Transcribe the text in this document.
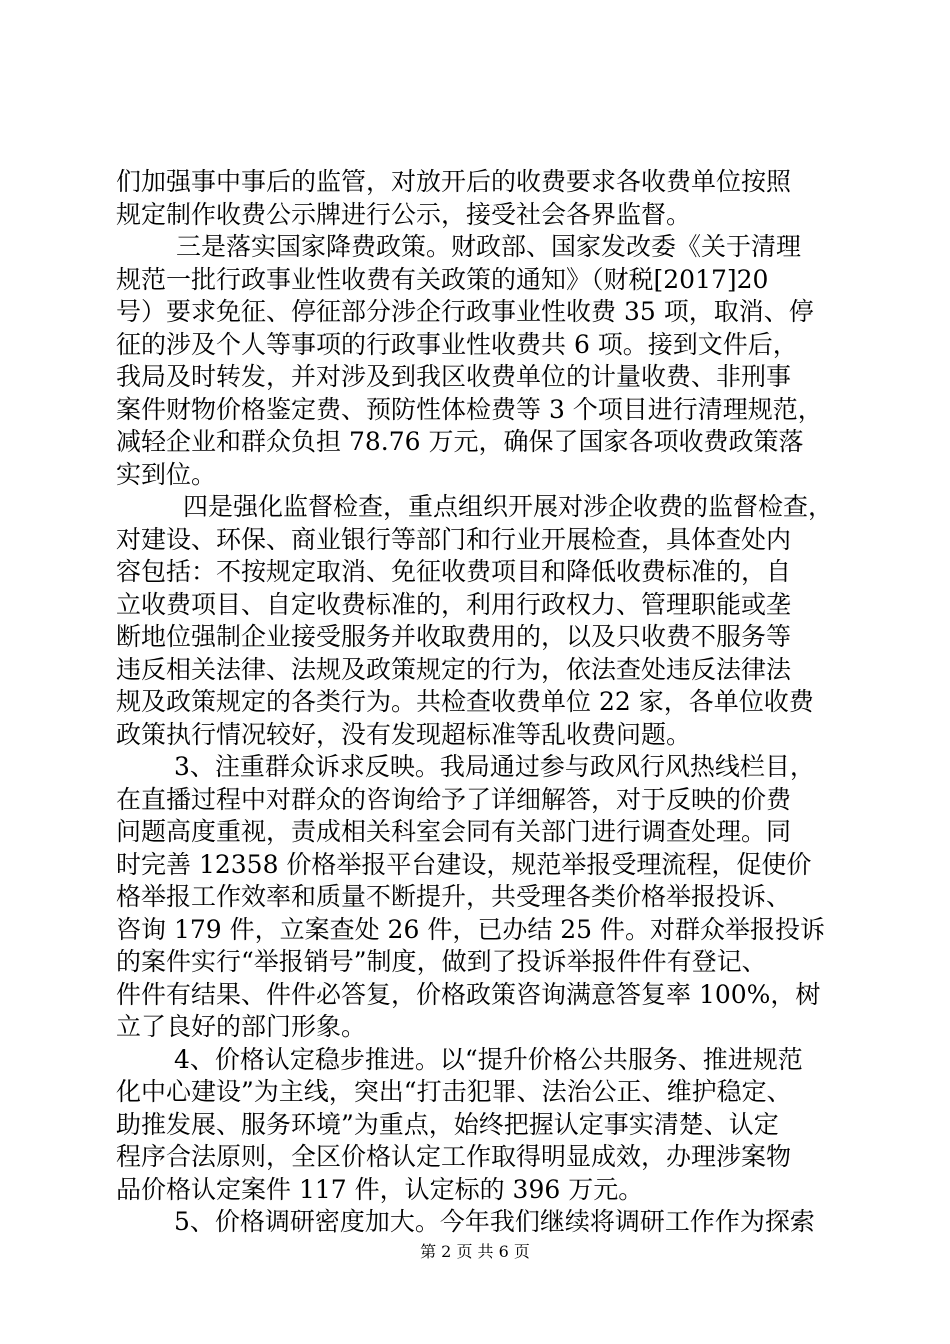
们加强事中事后的监管，对放开后的收费要求各收费单位按照
规定制作收费公示牌进行公示，接受社会各界监督。
三是落实国家降费政策。财政部、国家发改委《关于清理
规范一批行政事业性收费有关政策的通知》（财税[2017]20
号）要求免征、停征部分涉企行政事业性收费 35 项，取消、停
征的涉及个人等事项的行政事业性收费共 6 项。接到文件后，
我局及时转发，并对涉及到我区收费单位的计量收费、非刑事
案件财物价格鉴定费、预防性体检费等 3 个项目进行清理规范，
减轻企业和群众负担 78.76 万元，确保了国家各项收费政策落
实到位。
四是强化监督检查，重点组织开展对涉企收费的监督检查，
对建设、环保、商业银行等部门和行业开展检查，具体查处内
容包括：不按规定取消、免征收费项目和降低收费标准的，自
立收费项目、自定收费标准的，利用行政权力、管理职能或垄
断地位强制企业接受服务并收取费用的，以及只收费不服务等
违反相关法律、法规及政策规定的行为，依法查处违反法律法
规及政策规定的各类行为。共检查收费单位 22 家，各单位收费
政策执行情况较好，没有发现超标准等乱收费问题。
3、注重群众诉求反映。我局通过参与政风行风热线栏目，
在直播过程中对群众的咨询给予了详细解答，对于反映的价费
问题高度重视，责成相关科室会同有关部门进行调查处理。同
时完善 12358 价格举报平台建设，规范举报受理流程，促使价
格举报工作效率和质量不断提升，共受理各类价格举报投诉、
咨询 179 件，立案查处 26 件，已办结 25 件。对群众举报投诉
的案件实行“举报销号”制度，做到了投诉举报件件有登记、
件件有结果、件件必答复，价格政策咨询满意答复率 100%，树
立了良好的部门形象。
4、价格认定稳步推进。以“提升价格公共服务、推进规范
化中心建设”为主线，突出“打击犯罪、法治公正、维护稳定、
助推发展、服务环境”为重点，始终把握认定事实清楚、认定
程序合法原则，全区价格认定工作取得明显成效，办理涉案物
品价格认定案件 117 件，认定标的 396 万元。
5、价格调研密度加大。今年我们继续将调研工作作为探索
第 2 页 共 6 页
